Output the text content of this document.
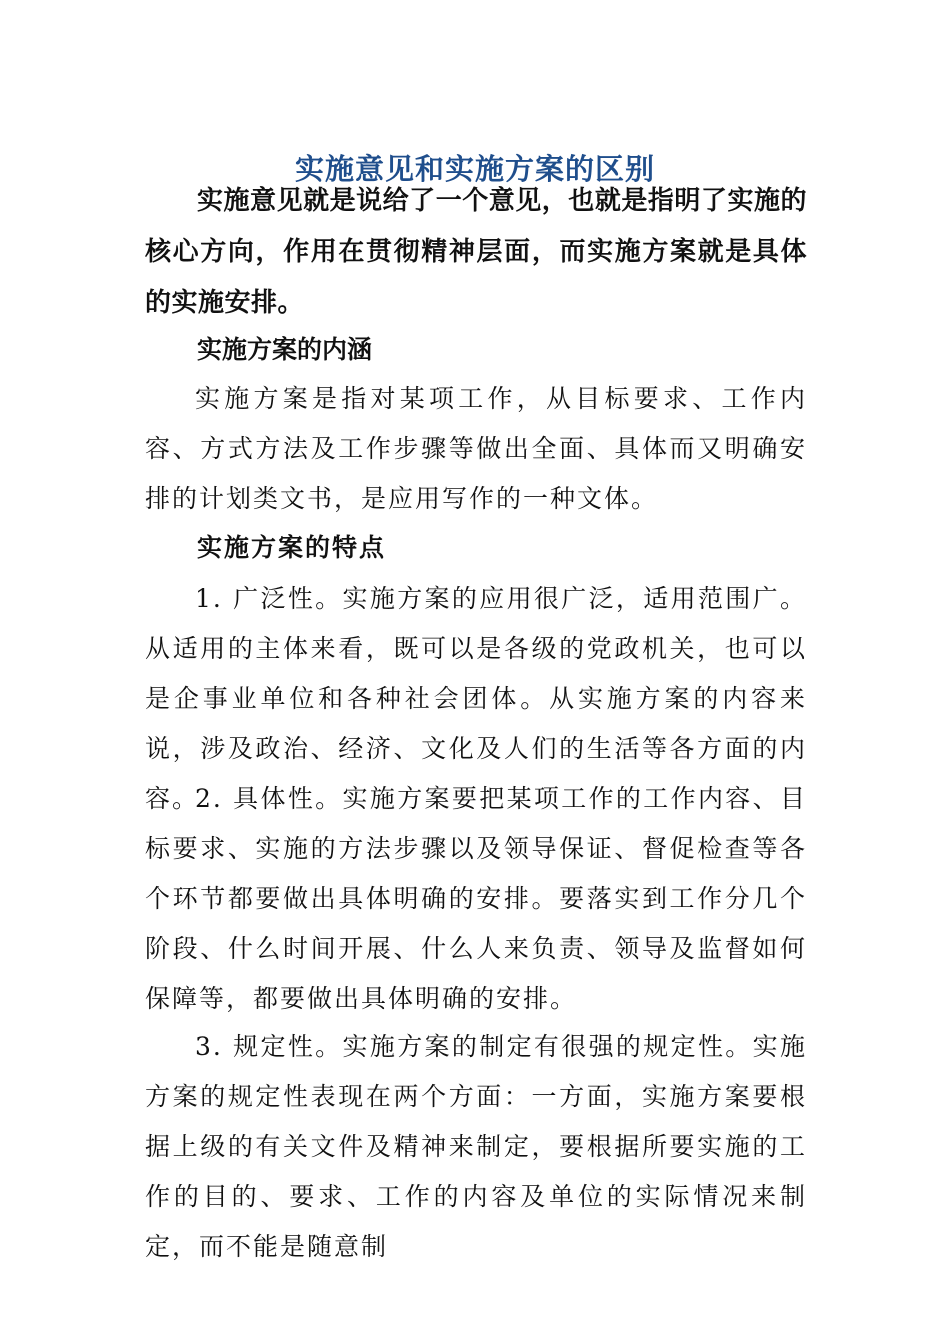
实施意见和实施方案的区别

实施意见就是说给了一个意见，也就是指明了实施的核心方向，作用在贯彻精神层面，而实施方案就是具体的实施安排。

实施方案的内涵

实施方案是指对某项工作，从目标要求、工作内容、方式方法及工作步骤等做出全面、具体而又明确安排的计划类文书，是应用写作的一种文体。

实施方案的特点

1. 广泛性。实施方案的应用很广泛，适用范围广。从适用的主体来看，既可以是各级的党政机关，也可以是企事业单位和各种社会团体。从实施方案的内容来说，涉及政治、经济、文化及人们的生活等各方面的内容。

2. 具体性。实施方案要把某项工作的工作内容、目标要求、实施的方法步骤以及领导保证、督促检查等各个环节都要做出具体明确的安排。要落实到工作分几个阶段、什么时间开展、什么人来负责、领导及监督如何保障等，都要做出具体明确的安排。

3. 规定性。实施方案的制定有很强的规定性。实施方案的规定性表现在两个方面：一方面，实施方案要根据上级的有关文件及精神来制定，要根据所要实施的工作的目的、要求、工作的内容及单位的实际情况来制定，而不能是随意制
